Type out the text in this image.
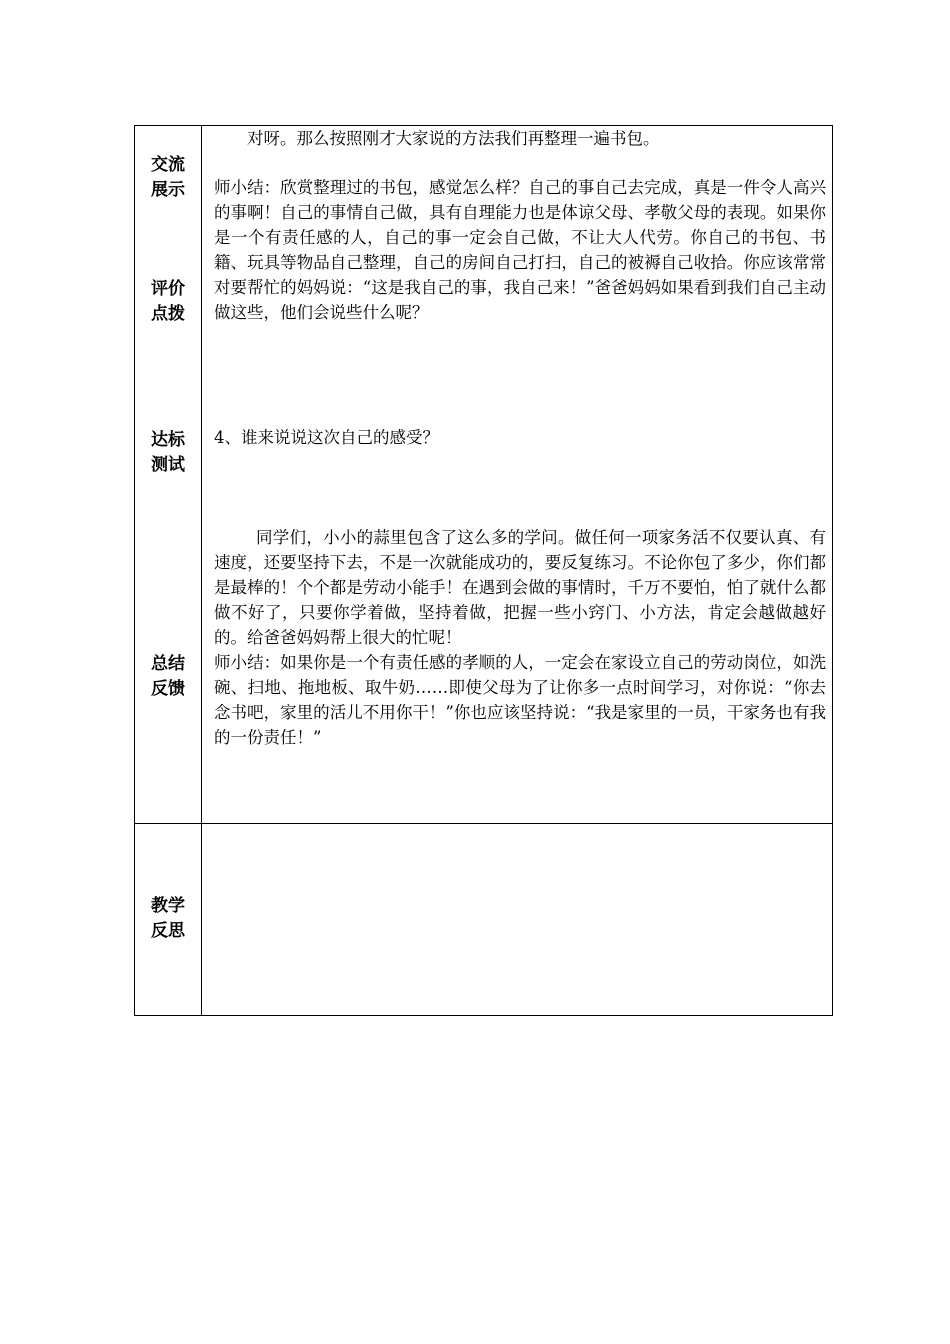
交流
展示
评价
点拨
达标
测试
总结
反馈
教学
反思

对呀。那么按照刚才大家说的方法我们再整理一遍书包。

师小结：欣赏整理过的书包，感觉怎么样？自己的事自己去完成，真是一件令人高兴的事啊！自己的事情自己做，具有自理能力也是体谅父母、孝敬父母的表现。如果你是一个有责任感的人，自己的事一定会自己做，不让大人代劳。你自己的书包、书籍、玩具等物品自己整理，自己的房间自己打扫，自己的被褥自己收拾。你应该常常对要帮忙的妈妈说：“这是我自己的事，我自己来！”爸爸妈妈如果看到我们自己主动做这些，他们会说些什么呢？

4、谁来说说这次自己的感受？

同学们，小小的蒜里包含了这么多的学问。做任何一项家务活不仅要认真、有速度，还要坚持下去，不是一次就能成功的，要反复练习。不论你包了多少，你们都是最棒的！个个都是劳动小能手！在遇到会做的事情时，千万不要怕，怕了就什么都做不好了，只要你学着做，坚持着做，把握一些小窍门、小方法，肯定会越做越好的。给爸爸妈妈帮上很大的忙呢！

师小结：如果你是一个有责任感的孝顺的人，一定会在家设立自己的劳动岗位，如洗碗、扫地、拖地板、取牛奶……即使父母为了让你多一点时间学习，对你说：“你去念书吧，家里的活儿不用你干！”你也应该坚持说：“我是家里的一员，干家务也有我的一份责任！”
